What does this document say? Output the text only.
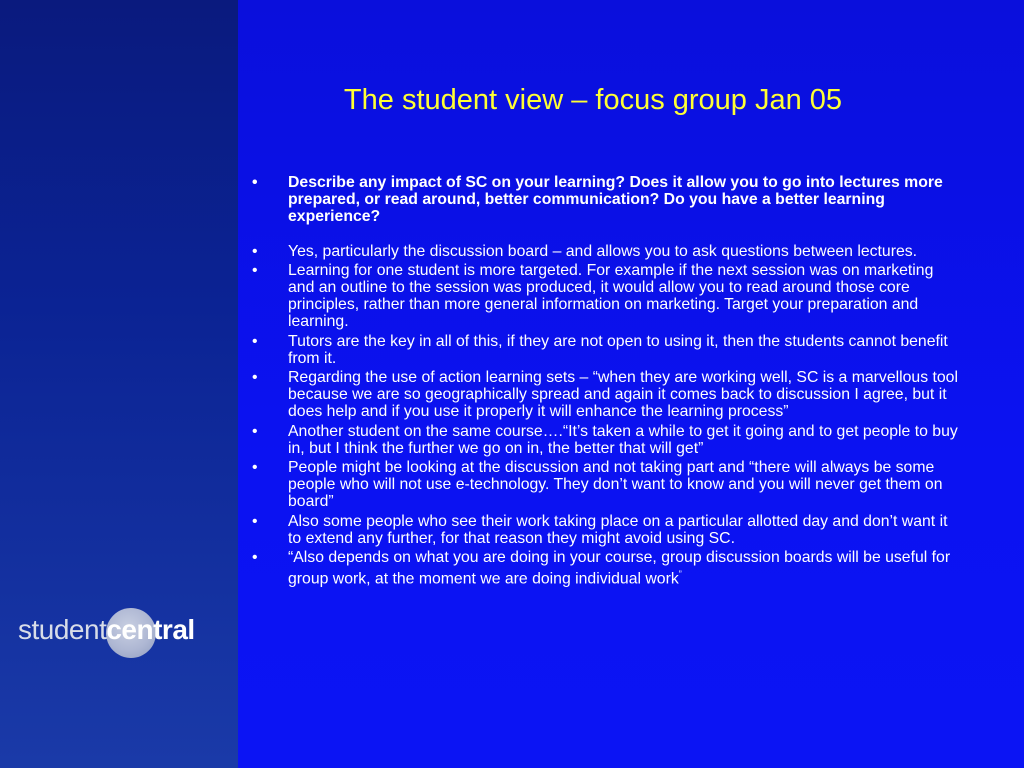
The student view – focus group Jan 05
•	Describe any impact of SC on your learning? Does it allow you to go into lectures more prepared, or read around, better communication? Do you have a better learning experience?
•	Yes, particularly the discussion board – and allows you to ask questions between lectures.
•	Learning for one student is more targeted. For example if the next session was on marketing and an outline to the session was produced, it would allow you to read around those core principles, rather than more general information on marketing. Target your preparation and learning.
•	Tutors are the key in all of this, if they are not open to using it, then the students cannot benefit from it.
•	Regarding the use of action learning sets – “when they are working well, SC is a marvellous tool because we are so geographically spread and again it comes back to discussion I agree, but it does help and if you use it properly it will enhance the learning process”
•	Another student on the same course….“It’s taken a while to get it going and to get people to buy in, but I think the further we go on in, the better that will get”
•	People might be looking at the discussion and not taking part and “there will always be some people who will not use e-technology. They don’t want to know and you will never get them on board”
•	Also some people who see their work taking place on a particular allotted day and don’t want it to extend any further, for that reason they might avoid using SC.
•	“Also depends on what you are doing in your course, group discussion boards will be useful for group work, at the moment we are doing individual work”
studentcentral
